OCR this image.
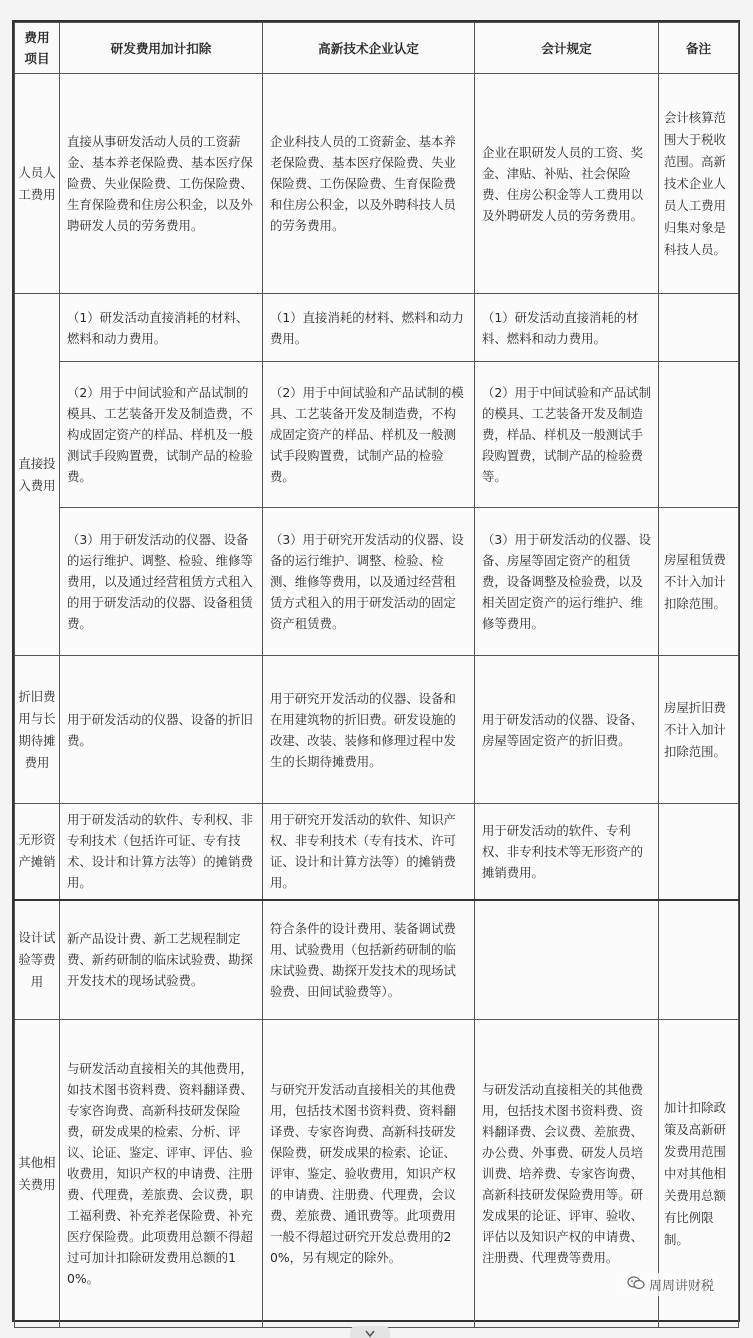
费用项目	研发费用加计扣除	高新技术企业认定	会计规定	备注
人员人工费用	直接从事研发活动人员的工资薪金、基本养老保险费、基本医疗保险费、失业保险费、工伤保险费、生育保险费和住房公积金，以及外聘研发人员的劳务费用。	企业科技人员的工资薪金、基本养老保险费、基本医疗保险费、失业保险费、工伤保险费、生育保险费和住房公积金，以及外聘科技人员的劳务费用。	企业在职研发人员的工资、奖金、津贴、补贴、社会保险费、住房公积金等人工费用以及外聘研发人员的劳务费用。	会计核算范围大于税收范围。高新技术企业人员人工费用归集对象是科技人员。
直接投入费用	（1）研发活动直接消耗的材料、燃料和动力费用。	（1）直接消耗的材料、燃料和动力费用。	（1）研发活动直接消耗的材料、燃料和动力费用。	
	（2）用于中间试验和产品试制的模具、工艺装备开发及制造费，不构成固定资产的样品、样机及一般测试手段购置费，试制产品的检验费。	（2）用于中间试验和产品试制的模具、工艺装备开发及制造费，不构成固定资产的样品、样机及一般测试手段购置费，试制产品的检验费。	（2）用于中间试验和产品试制的模具、工艺装备开发及制造费，样品、样机及一般测试手段购置费，试制产品的检验费等。	
	（3）用于研发活动的仪器、设备的运行维护、调整、检验、维修等费用，以及通过经营租赁方式租入的用于研发活动的仪器、设备租赁费。	（3）用于研究开发活动的仪器、设备的运行维护、调整、检验、检测、维修等费用，以及通过经营租赁方式租入的用于研发活动的固定资产租赁费。	（3）用于研发活动的仪器、设备、房屋等固定资产的租赁费，设备调整及检验费，以及相关固定资产的运行维护、维修等费用。	房屋租赁费不计入加计扣除范围。
折旧费用与长期待摊费用	用于研发活动的仪器、设备的折旧费。	用于研究开发活动的仪器、设备和在用建筑物的折旧费。研发设施的改建、改装、装修和修理过程中发生的长期待摊费用。	用于研发活动的仪器、设备、房屋等固定资产的折旧费。	房屋折旧费不计入加计扣除范围。
无形资产摊销	用于研发活动的软件、专利权、非专利技术（包括许可证、专有技术、设计和计算方法等）的摊销费用。	用于研究开发活动的软件、知识产权、非专利技术（专有技术、许可证、设计和计算方法等）的摊销费用。	用于研发活动的软件、专利权、非专利技术等无形资产的摊销费用。	
设计试验等费用	新产品设计费、新工艺规程制定费、新药研制的临床试验费、勘探开发技术的现场试验费。	符合条件的设计费用、装备调试费用、试验费用（包括新药研制的临床试验费、勘探开发技术的现场试验费、田间试验费等）。		
其他相关费用	与研发活动直接相关的其他费用，如技术图书资料费、资料翻译费、专家咨询费、高新科技研发保险费，研发成果的检索、分析、评议、论证、鉴定、评审、评估、验收费用，知识产权的申请费、注册费、代理费，差旅费、会议费，职工福利费、补充养老保险费、补充医疗保险费。此项费用总额不得超过可加计扣除研发费用总额的10%。	与研究开发活动直接相关的其他费用，包括技术图书资料费、资料翻译费、专家咨询费、高新科技研发保险费，研发成果的检索、论证、评审、鉴定、验收费用，知识产权的申请费、注册费、代理费，会议费、差旅费、通讯费等。此项费用一般不得超过研究开发总费用的20%，另有规定的除外。	与研发活动直接相关的其他费用，包括技术图书资料费、资料翻译费、会议费、差旅费、办公费、外事费、研发人员培训费、培养费、专家咨询费、高新科技研发保险费用等。研发成果的论证、评审、验收、评估以及知识产权的申请费、注册费、代理费等费用。	加计扣除政策及高新研发费用范围中对其他相关费用总额有比例限制。
周周讲财税
